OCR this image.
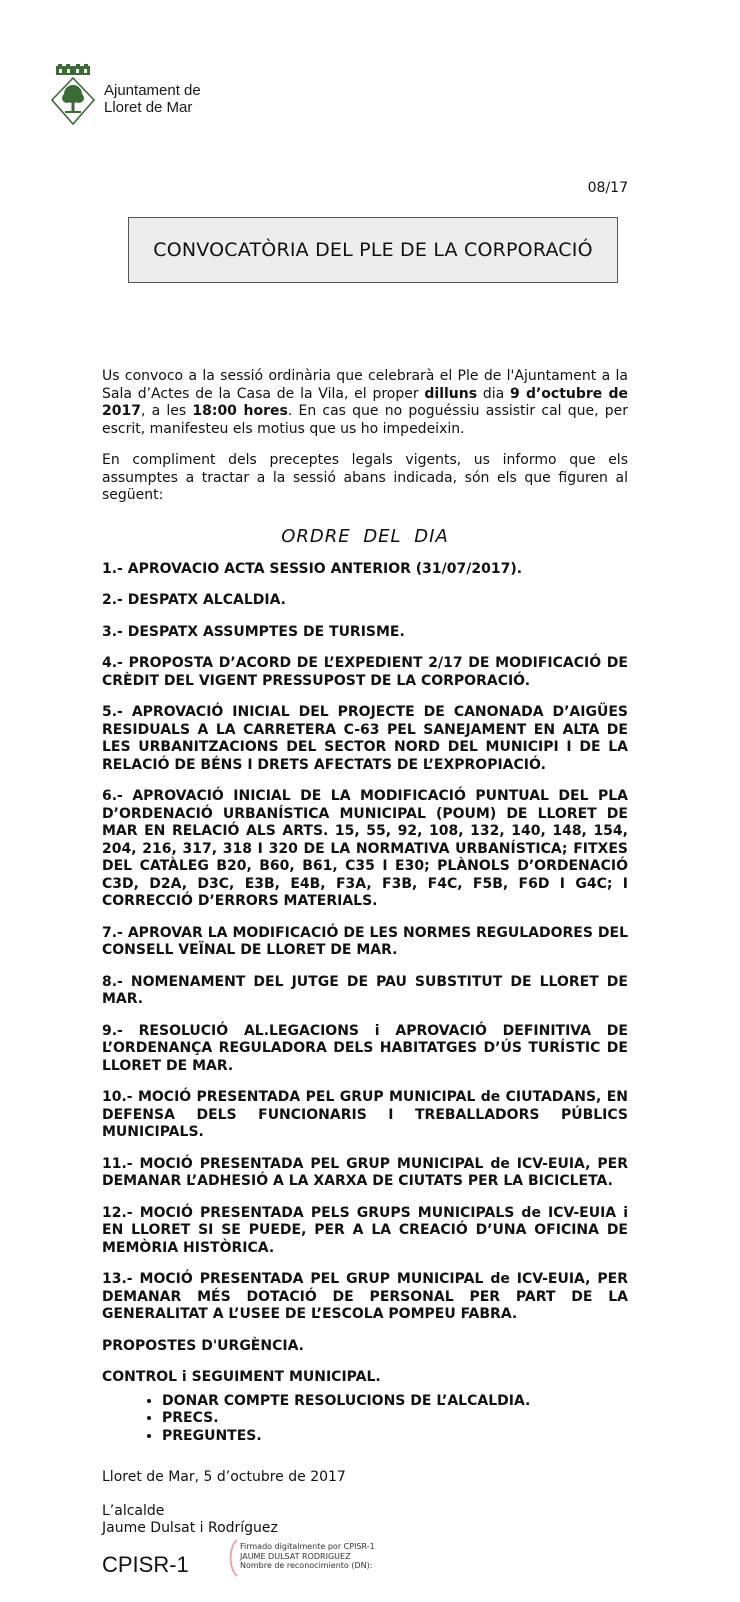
Ajuntament de
Lloret de Mar
08/17
CONVOCATÒRIA DEL PLE DE LA CORPORACIÓ

Us convoco a la sessió ordinària que celebrarà el Ple de l'Ajuntament a la Sala d’Actes de la Casa de la Vila, el proper dilluns dia 9 d’octubre de 2017, a les 18:00 hores. En cas que no poguéssiu assistir cal que, per escrit, manifesteu els motius que us ho impedeixin.

En compliment dels preceptes legals vigents, us informo que els assumptes a tractar a la sessió abans indicada, són els que figuren al següent:

ORDRE DEL DIA

1.- APROVACIO ACTA SESSIO ANTERIOR (31/07/2017).

2.- DESPATX ALCALDIA.

3.- DESPATX ASSUMPTES DE TURISME.

4.- PROPOSTA D’ACORD DE L’EXPEDIENT 2/17 DE MODIFICACIÓ DE CRÈDIT DEL VIGENT PRESSUPOST DE LA CORPORACIÓ.

5.- APROVACIÓ INICIAL DEL PROJECTE DE CANONADA D’AIGÜES RESIDUALS A LA CARRETERA C-63 PEL SANEJAMENT EN ALTA DE LES URBANITZACIONS DEL SECTOR NORD DEL MUNICIPI I DE LA RELACIÓ DE BÉNS I DRETS AFECTATS DE L’EXPROPIACIÓ.

6.- APROVACIÓ INICIAL DE LA MODIFICACIÓ PUNTUAL DEL PLA D’ORDENACIÓ URBANÍSTICA MUNICIPAL (POUM) DE LLORET DE MAR EN RELACIÓ ALS ARTS. 15, 55, 92, 108, 132, 140, 148, 154, 204, 216, 317, 318 I 320 DE LA NORMATIVA URBANÍSTICA; FITXES DEL CATÀLEG B20, B60, B61, C35 I E30; PLÀNOLS D’ORDENACIÓ C3D, D2A, D3C, E3B, E4B, F3A, F3B, F4C, F5B, F6D I G4C; I CORRECCIÓ D’ERRORS MATERIALS.

7.- APROVAR LA MODIFICACIÓ DE LES NORMES REGULADORES DEL CONSELL VEÏNAL DE LLORET DE MAR.

8.- NOMENAMENT DEL JUTGE DE PAU SUBSTITUT DE LLORET DE MAR.

9.- RESOLUCIÓ AL.LEGACIONS i APROVACIÓ DEFINITIVA DE L’ORDENANÇA REGULADORA DELS HABITATGES D’ÚS TURÍSTIC DE LLORET DE MAR.

10.- MOCIÓ PRESENTADA PEL GRUP MUNICIPAL de CIUTADANS, EN DEFENSA DELS FUNCIONARIS I TREBALLADORS PÚBLICS MUNICIPALS.

11.- MOCIÓ PRESENTADA PEL GRUP MUNICIPAL de ICV-EUIA, PER DEMANAR L’ADHESIÓ A LA XARXA DE CIUTATS PER LA BICICLETA.

12.- MOCIÓ PRESENTADA PELS GRUPS MUNICIPALS de ICV-EUIA i EN LLORET SI SE PUEDE, PER A LA CREACIÓ D’UNA OFICINA DE MEMÒRIA HISTÒRICA.

13.- MOCIÓ PRESENTADA PEL GRUP MUNICIPAL de ICV-EUIA, PER DEMANAR MÉS DOTACIÓ DE PERSONAL PER PART DE LA GENERALITAT A L’USEE DE L’ESCOLA POMPEU FABRA.

PROPOSTES D'URGÈNCIA.

CONTROL i SEGUIMENT MUNICIPAL.

• DONAR COMPTE RESOLUCIONS DE L’ALCALDIA.
• PRECS.
• PREGUNTES.

Lloret de Mar, 5 d’octubre de 2017

L’alcalde

Jaume Dulsat i Rodríguez

CPISR-1
Firmado digitalmente por CPISR-1
JAUME DULSAT RODRIGUEZ
Nombre de reconocimiento (DN):
